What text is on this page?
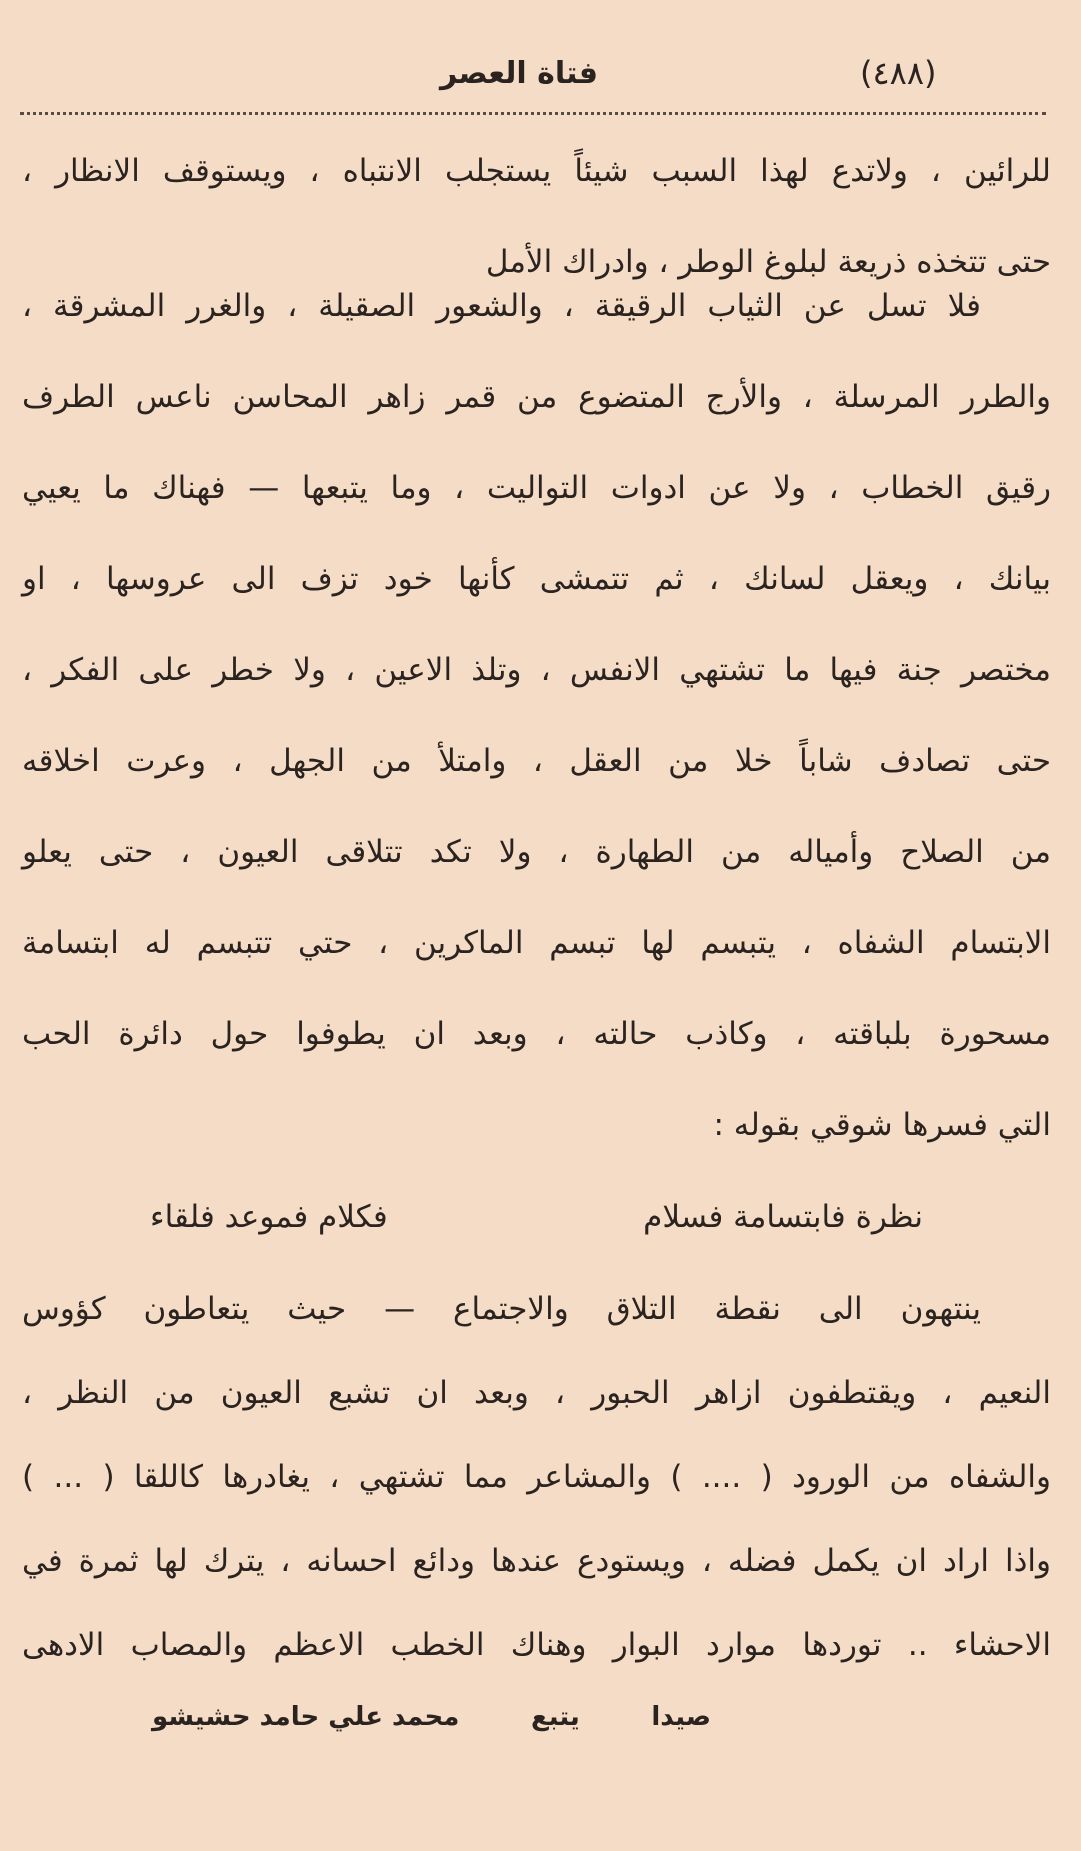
(٤٨٨)
فتاة العصر
للرائين ، ولاتدع لهذا السبب شيئاً يستجلب الانتباه ، ويستوقف الانظار ،
حتى تتخذه ذريعة لبلوغ الوطر ، وادراك الأمل
فلا تسل عن الثياب الرقيقة ، والشعور الصقيلة ، والغرر المشرقة ،
والطرر المرسلة ، والأرج المتضوع من قمر زاهر المحاسن ناعس الطرف
رقيق الخطاب ، ولا عن ادوات التواليت ، وما يتبعها — فهناك ما يعيي
بيانك ، ويعقل لسانك ، ثم تتمشى كأنها خود تزف الى عروسها ، او
مختصر جنة فيها ما تشتهي الانفس ، وتلذ الاعين ، ولا خطر على الفكر ،
حتى تصادف شاباً خلا من العقل ، وامتلأ من الجهل ، وعرت اخلاقه
من الصلاح وأمياله من الطهارة ، ولا تكد تتلاقى العيون ، حتى يعلو
الابتسام الشفاه ، يتبسم لها تبسم الماكرين ، حتي تتبسم له ابتسامة
مسحورة بلباقته ، وكاذب حالته ، وبعد ان يطوفوا حول دائرة الحب
التي فسرها شوقي بقوله :
نظرة فابتسامة فسلام
فكلام فموعد فلقاء
ينتهون الى نقطة التلاق والاجتماع — حيث يتعاطون كؤوس
النعيم ، ويقتطفون ازاهر الحبور ، وبعد ان تشبع العيون من النظر ،
والشفاه من الورود ( .... ) والمشاعر مما تشتهي ، يغادرها كاللقا ( ... )
واذا اراد ان يكمل فضله ، ويستودع عندها ودائع احسانه ، يترك لها ثمرة في
الاحشاء .. توردها موارد البوار وهناك الخطب الاعظم والمصاب الادهى
صيدا
يتبع
محمد علي حامد حشيشو
